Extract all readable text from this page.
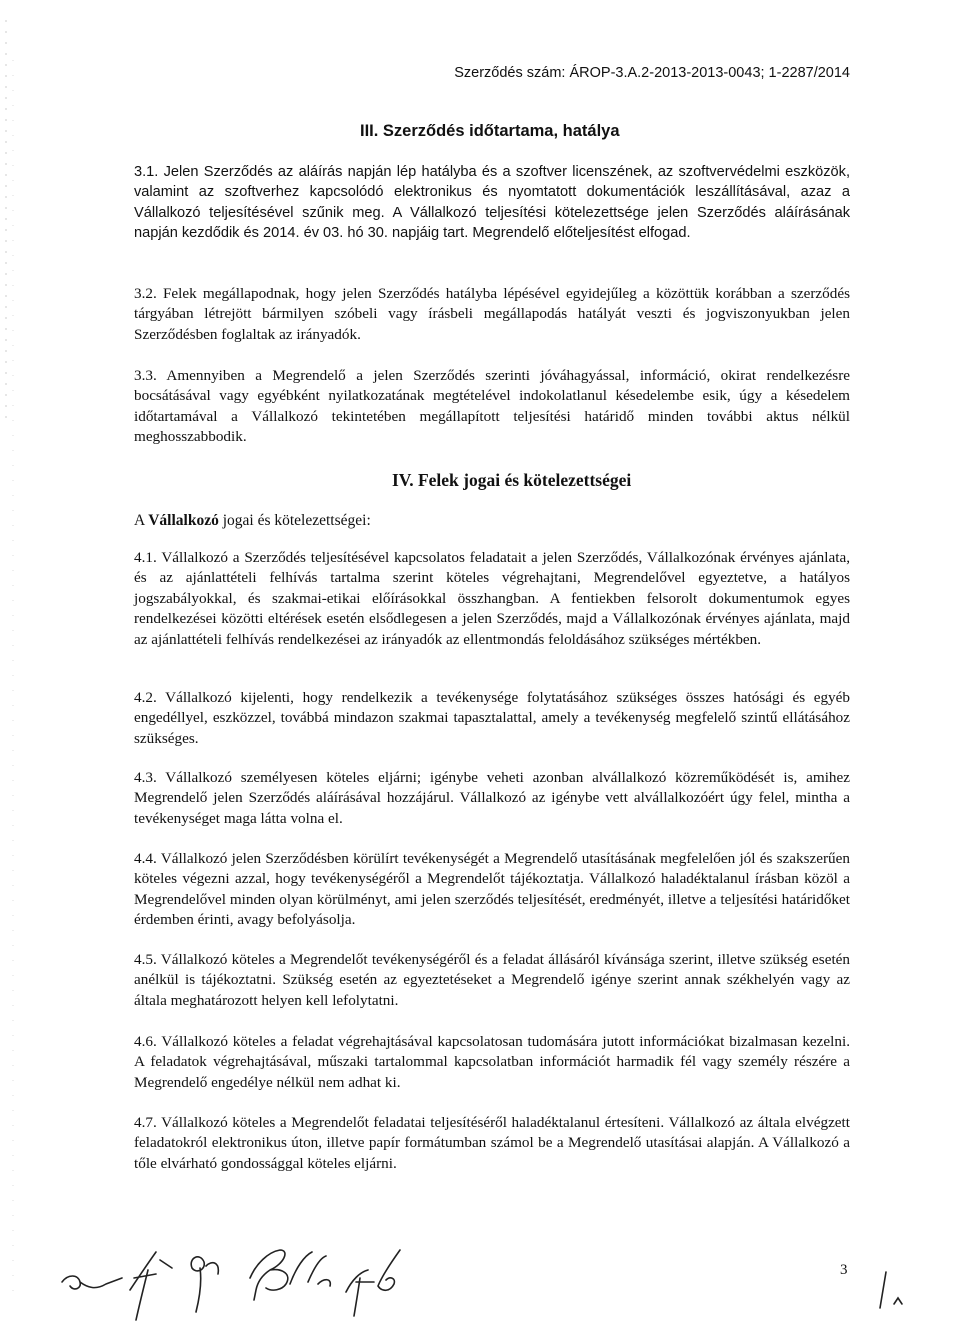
Szerződés szám: ÁROP-3.A.2-2013-2013-0043; 1-2287/2014
III. Szerződés időtartama, hatálya

3.1. Jelen Szerződés az aláírás napján lép hatályba és a szoftver licenszének, az szoftvervédelmi eszközök, valamint az szoftverhez kapcsolódó elektronikus és nyomtatott dokumentációk leszállításával, azaz a Vállalkozó teljesítésével szűnik meg. A Vállalkozó teljesítési kötelezettsége jelen Szerződés aláírásának napján kezdődik és 2014. év 03. hó 30. napjáig tart. Megrendelő előteljesítést elfogad.

3.2. Felek megállapodnak, hogy jelen Szerződés hatályba lépésével egyidejűleg a közöttük korábban a szerződés tárgyában létrejött bármilyen szóbeli vagy írásbeli megállapodás hatályát veszti és jogviszonyukban jelen Szerződésben foglaltak az irányadók.

3.3. Amennyiben a Megrendelő a jelen Szerződés szerinti jóváhagyással, információ, okirat rendelkezésre bocsátásával vagy egyébként nyilatkozatának megtételével indokolatlanul késedelembe esik, úgy a késedelem időtartamával a Vállalkozó tekintetében megállapított teljesítési határidő minden további aktus nélkül meghosszabbodik.

IV. Felek jogai és kötelezettségei
A Vállalkozó jogai és kötelezettségei:

4.1. Vállalkozó a Szerződés teljesítésével kapcsolatos feladatait a jelen Szerződés, Vállalkozónak érvényes ajánlata, és az ajánlattételi felhívás tartalma szerint köteles végrehajtani, Megrendelővel egyeztetve, a hatályos jogszabályokkal, és szakmai-etikai előírásokkal összhangban. A fentiekben felsorolt dokumentumok egyes rendelkezései közötti eltérések esetén elsődlegesen a jelen Szerződés, majd a Vállalkozónak érvényes ajánlata, majd az ajánlattételi felhívás rendelkezései az irányadók az ellentmondás feloldásához szükséges mértékben.

4.2. Vállalkozó kijelenti, hogy rendelkezik a tevékenysége folytatásához szükséges összes hatósági és egyéb engedéllyel, eszközzel, továbbá mindazon szakmai tapasztalattal, amely a tevékenység megfelelő szintű ellátásához szükséges.

4.3. Vállalkozó személyesen köteles eljárni; igénybe veheti azonban alvállalkozó közreműködését is, amihez Megrendelő jelen Szerződés aláírásával hozzájárul. Vállalkozó az igénybe vett alvállalkozóért úgy felel, mintha a tevékenységet maga látta volna el.

4.4. Vállalkozó jelen Szerződésben körülírt tevékenységét a Megrendelő utasításának megfelelően jól és szakszerűen köteles végezni azzal, hogy tevékenységéről a Megrendelőt tájékoztatja. Vállalkozó haladéktalanul írásban közöl a Megrendelővel minden olyan körülményt, ami jelen szerződés teljesítését, eredményét, illetve a teljesítési határidőket érdemben érinti, avagy befolyásolja.

4.5. Vállalkozó köteles a Megrendelőt tevékenységéről és a feladat állásáról kívánsága szerint, illetve szükség esetén anélkül is tájékoztatni. Szükség esetén az egyeztetéseket a Megrendelő igénye szerint annak székhelyén vagy az általa meghatározott helyen kell lefolytatni.

4.6. Vállalkozó köteles a feladat végrehajtásával kapcsolatosan tudomására jutott információkat bizalmasan kezelni. A feladatok végrehajtásával, műszaki tartalommal kapcsolatban információt harmadik fél vagy személy részére a Megrendelő engedélye nélkül nem adhat ki.

4.7. Vállalkozó köteles a Megrendelőt feladatai teljesítéséről haladéktalanul értesíteni. Vállalkozó az általa elvégzett feladatokról elektronikus úton, illetve papír formátumban számol be a Megrendelő utasításai alapján. A Vállalkozó a tőle elvárható gondossággal köteles eljárni.

3
